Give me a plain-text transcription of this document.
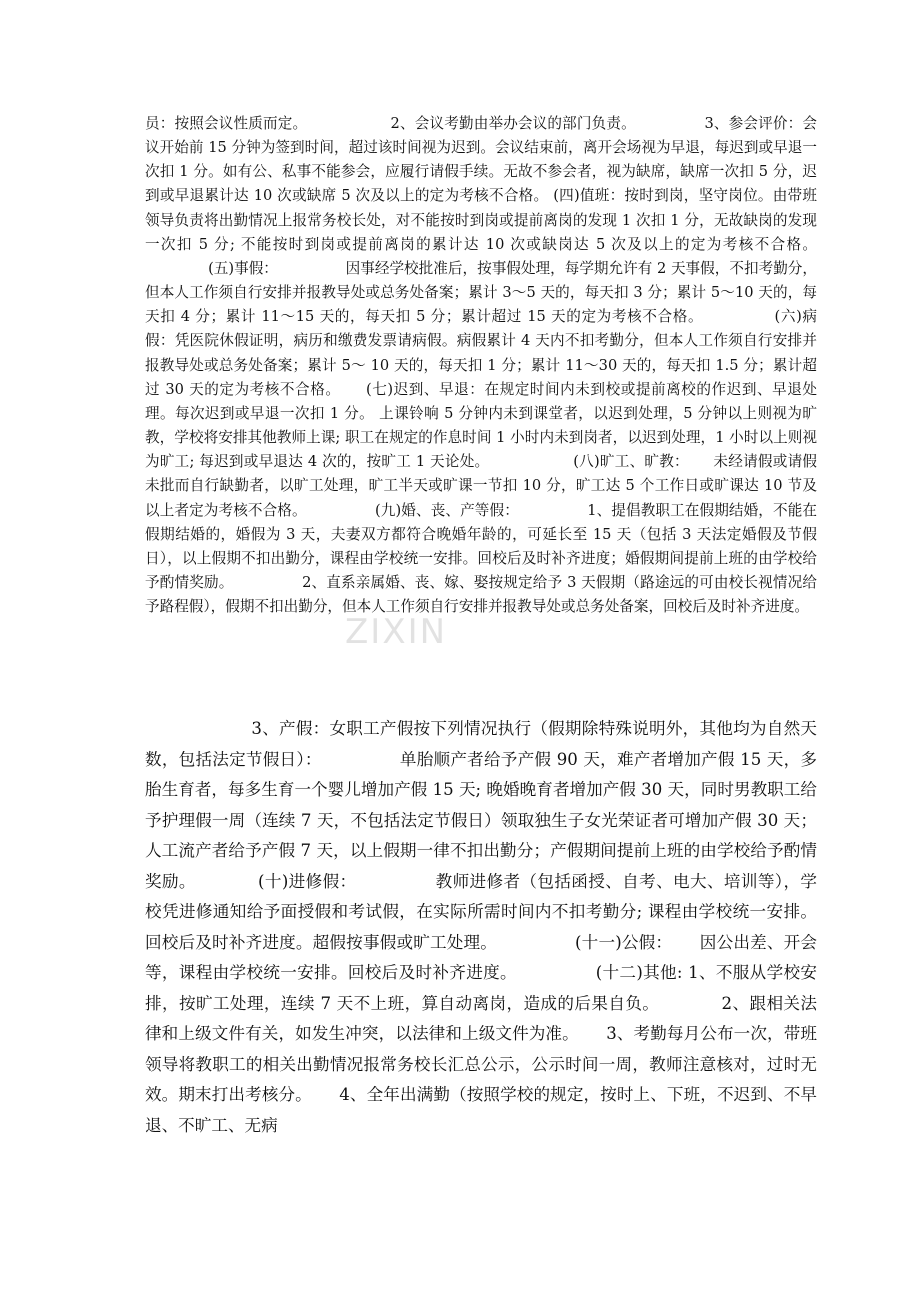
员：按照会议性质而定。 　　　　　 2、会议考勤由举办会议的部门负责。 　　　　 3、参会评价：会议开始前 15 分钟为签到时间，超过该时间视为迟到。会议结束前，离开会场视为早退，每迟到或早退一次扣 1 分。如有公、私事不能参会，应履行请假手续。无故不参会者，视为缺席，缺席一次扣 5 分，迟到或早退累计达 10 次或缺席 5 次及以上的定为考核不合格。 (四)值班：按时到岗，坚守岗位。由带班领导负责将出勤情况上报常务校长处，对不能按时到岗或提前离岗的发现 1 次扣 1 分，无故缺岗的发现一次扣 5 分; 不能按时到岗或提前离岗的累计达 10 次或缺岗达 5 次及以上的定为考核不合格。 　　　　 (五)事假： 　　　　 因事经学校批准后，按事假处理，每学期允许有 2 天事假，不扣考勤分，但本人工作须自行安排并报教导处或总务处备案；累计 3～5 天的，每天扣 3 分；累计 5～10 天的，每天扣 4 分；累计 11～15 天的，每天扣 5 分；累计超过 15 天的定为考核不合格。 　　　　 (六)病假：凭医院休假证明，病历和缴费发票请病假。病假累计 4 天内不扣考勤分，但本人工作须自行安排并报教导处或总务处备案；累计 5～ 10 天的，每天扣 1 分；累计 11～30 天的，每天扣 1.5 分；累计超过 30 天的定为考核不合格。 　 (七)迟到、早退：在规定时间内未到校或提前离校的作迟到、早退处理。每次迟到或早退一次扣 1 分。 上课铃响 5 分钟内未到课堂者，以迟到处理，5 分钟以上则视为旷教，学校将安排其他教师上课; 职工在规定的作息时间 1 小时内未到岗者，以迟到处理，1 小时以上则视为旷工; 每迟到或早退达 4 次的，按旷工 1 天论处。 　　　　　 (八)旷工、旷教： 　 未经请假或请假未批而自行缺勤者，以旷工处理，旷工半天或旷课一节扣 10 分，旷工达 5 个工作日或旷课达 10 节及以上者定为考核不合格。 　　　　 (九)婚、丧、产等假： 　　　　 1、提倡教职工在假期结婚，不能在假期结婚的，婚假为 3 天，夫妻双方都符合晚婚年龄的，可延长至 15 天（包括 3 天法定婚假及节假日），以上假期不扣出勤分，课程由学校统一安排。回校后及时补齐进度；婚假期间提前上班的由学校给予酌情奖励。 　　　　 2、直系亲属婚、丧、嫁、娶按规定给予 3 天假期（路途远的可由校长视情况给予路程假），假期不扣出勤分，但本人工作须自行安排并报教导处或总务处备案，回校后及时补齐进度。

ZIXIN

　　　　　　 3、产假：女职工产假按下列情况执行（假期除特殊说明外，其他均为自然天数，包括法定节假日）： 　　　　 单胎顺产者给予产假 90 天，难产者增加产假 15 天，多胎生育者，每多生育一个婴儿增加产假 15 天; 晚婚晚育者增加产假 30 天，同时男教职工给予护理假一周（连续 7 天，不包括法定节假日）领取独生子女光荣证者可增加产假 30 天；人工流产者给予产假 7 天，以上假期一律不扣出勤分；产假期间提前上班的由学校给予酌情奖励。 　　　 (十)进修假： 　　　　 教师进修者（包括函授、自考、电大、培训等），学校凭进修通知给予面授假和考试假，在实际所需时间内不扣考勤分; 课程由学校统一安排。回校后及时补齐进度。超假按事假或旷工处理。 　　　　 (十一)公假： 　 因公出差、开会等，课程由学校统一安排。回校后及时补齐进度。 　　　　 (十二)其他: 1、不服从学校安排，按旷工处理，连续 7 天不上班，算自动离岗，造成的后果自负。 　　　 2、跟相关法律和上级文件有关，如发生冲突，以法律和上级文件为准。 　 3、考勤每月公布一次，带班领导将教职工的相关出勤情况报常务校长汇总公示，公示时间一周，教师注意核对，过时无效。期末打出考核分。 　 4、全年出满勤（按照学校的规定，按时上、下班，不迟到、不早退、不旷工、无病
